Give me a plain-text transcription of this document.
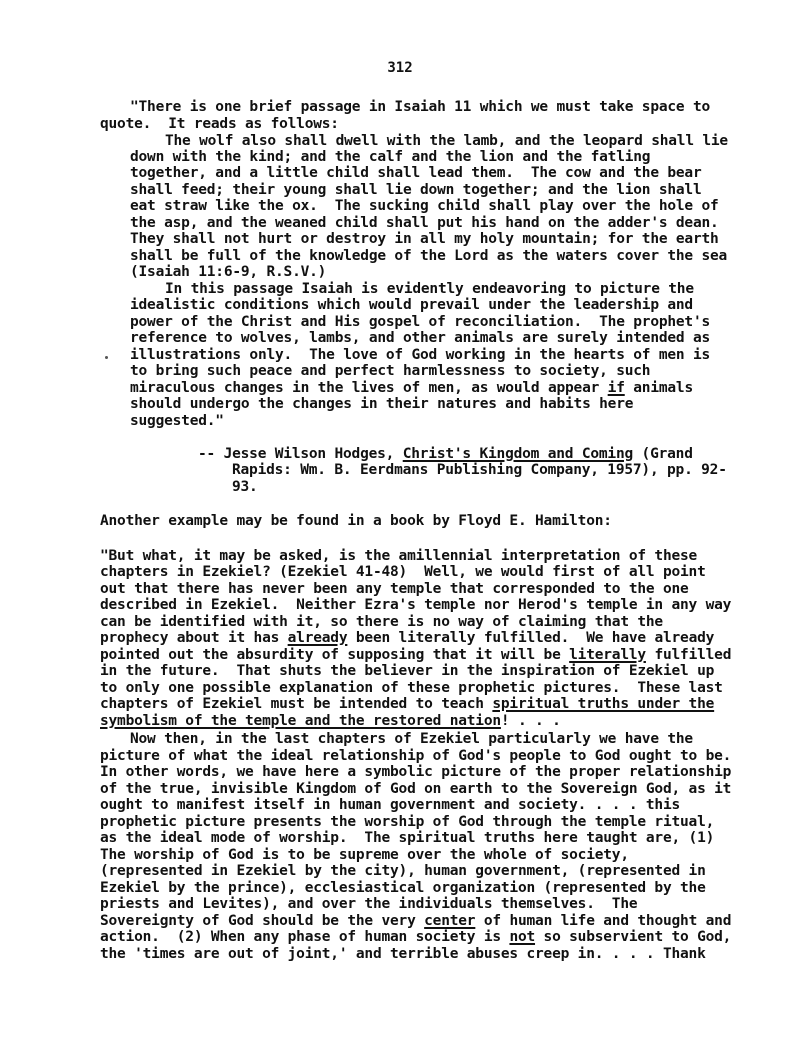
312
"There is one brief passage in Isaiah 11 which we must take space to
quote.  It reads as follows:
The wolf also shall dwell with the lamb, and the leopard shall lie
down with the kind; and the calf and the lion and the fatling
together, and a little child shall lead them.  The cow and the bear
shall feed; their young shall lie down together; and the lion shall
eat straw like the ox.  The sucking child shall play over the hole of
the asp, and the weaned child shall put his hand on the adder's dean.
They shall not hurt or destroy in all my holy mountain; for the earth
shall be full of the knowledge of the Lord as the waters cover the sea
(Isaiah 11:6-9, R.S.V.)
In this passage Isaiah is evidently endeavoring to picture the
idealistic conditions which would prevail under the leadership and
power of the Christ and His gospel of reconciliation.  The prophet's
reference to wolves, lambs, and other animals are surely intended as
illustrations only.  The love of God working in the hearts of men is
to bring such peace and perfect harmlessness to society, such
miraculous changes in the lives of men, as would appear if animals
should undergo the changes in their natures and habits here
suggested."
-- Jesse Wilson Hodges, Christ's Kingdom and Coming (Grand
Rapids: Wm. B. Eerdmans Publishing Company, 1957), pp. 92-
93.
Another example may be found in a book by Floyd E. Hamilton:
"But what, it may be asked, is the amillennial interpretation of these
chapters in Ezekiel? (Ezekiel 41-48)  Well, we would first of all point
out that there has never been any temple that corresponded to the one
described in Ezekiel.  Neither Ezra's temple nor Herod's temple in any way
can be identified with it, so there is no way of claiming that the
prophecy about it has already been literally fulfilled.  We have already
pointed out the absurdity of supposing that it will be literally fulfilled
in the future.  That shuts the believer in the inspiration of Ezekiel up
to only one possible explanation of these prophetic pictures.  These last
chapters of Ezekiel must be intended to teach spiritual truths under the
symbolism of the temple and the restored nation! . . .
Now then, in the last chapters of Ezekiel particularly we have the
picture of what the ideal relationship of God's people to God ought to be.
In other words, we have here a symbolic picture of the proper relationship
of the true, invisible Kingdom of God on earth to the Sovereign God, as it
ought to manifest itself in human government and society. . . . this
prophetic picture presents the worship of God through the temple ritual,
as the ideal mode of worship.  The spiritual truths here taught are, (1)
The worship of God is to be supreme over the whole of society,
(represented in Ezekiel by the city), human government, (represented in
Ezekiel by the prince), ecclesiastical organization (represented by the
priests and Levites), and over the individuals themselves.  The
Sovereignty of God should be the very center of human life and thought and
action.  (2) When any phase of human society is not so subservient to God,
the 'times are out of joint,' and terrible abuses creep in. . . . Thank
